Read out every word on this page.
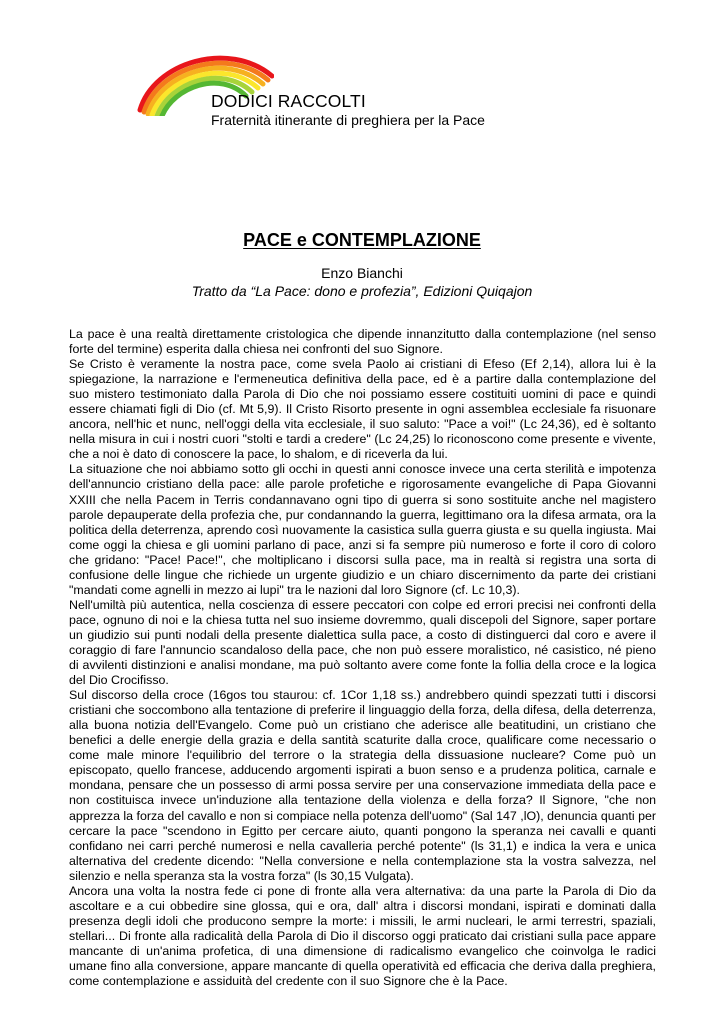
DODICI RACCOLTI
Fraternità itinerante di preghiera per la Pace
PACE e CONTEMPLAZIONE
Enzo Bianchi
Tratto da “La Pace: dono e profezia”, Edizioni Quiqajon

La pace è una realtà direttamente cristologica che dipende innanzitutto dalla contemplazione (nel senso forte del termine) esperita dalla chiesa nei confronti del suo Signore.

Se Cristo è veramente la nostra pace, come svela Paolo ai cristiani di Efeso (Ef 2,14), allora lui è la spiegazione, la narrazione e l'ermeneutica definitiva della pace, ed è a partire dalla contemplazione del suo mistero testimoniato dalla Parola di Dio che noi possiamo essere costituiti uomini di pace e quindi essere chiamati figli di Dio (cf. Mt 5,9). Il Cristo Risorto presente in ogni assemblea ecclesiale fa risuonare ancora, nell'hic et nunc, nell'oggi della vita ecclesiale, il suo saluto: "Pace a voi!" (Lc 24,36), ed è soltanto nella misura in cui i nostri cuori "stolti e tardi a credere" (Lc 24,25) lo riconoscono come presente e vivente, che a noi è dato di conoscere la pace, lo shalom, e di riceverla da lui.

La situazione che noi abbiamo sotto gli occhi in questi anni conosce invece una certa sterilità e impotenza dell'annuncio cristiano della pace: alle parole profetiche e rigorosamente evangeliche di Papa Giovanni XXIII che nella Pacem in Terris condannavano ogni tipo di guerra si sono sostituite anche nel magistero parole depauperate della profezia che, pur condannando la guerra, legittimano ora la difesa armata, ora la politica della deterrenza, aprendo così nuovamente la casistica sulla guerra giusta e su quella ingiusta. Mai come oggi la chiesa e gli uomini parlano di pace, anzi si fa sempre più numeroso e forte il coro di coloro che gridano: "Pace! Pace!", che moltiplicano i discorsi sulla pace, ma in realtà si registra una sorta di confusione delle lingue che richiede un urgente giudizio e un chiaro discernimento da parte dei cristiani "mandati come agnelli in mezzo ai lupi" tra le nazioni dal loro Signore (cf. Lc 10,3).

Nell'umiltà più autentica, nella coscienza di essere peccatori con colpe ed errori precisi nei confronti della pace, ognuno di noi e la chiesa tutta nel suo insieme dovremmo, quali discepoli del Signore, saper portare un giudizio sui punti nodali della presente dialettica sulla pace, a costo di distinguerci dal coro e avere il coraggio di fare l'annuncio scandaloso della pace, che non può essere moralistico, né casistico, né pieno di avvilenti distinzioni e analisi mondane, ma può soltanto avere come fonte la follia della croce e la logica del Dio Crocifisso.

Sul discorso della croce (16gos tou staurou: cf. 1Cor 1,18 ss.) andrebbero quindi spezzati tutti i discorsi cristiani che soccombono alla tentazione di preferire il linguaggio della forza, della difesa, della deterrenza, alla buona notizia dell'Evangelo. Come può un cristiano che aderisce alle beatitudini, un cristiano che benefici a delle energie della grazia e della santità scaturite dalla croce, qualificare come necessario o come male minore l'equilibrio del terrore o la strategia della dissuasione nucleare? Come può un episcopato, quello francese, adducendo argomenti ispirati a buon senso e a prudenza politica, carnale e mondana, pensare che un possesso di armi possa servire per una conservazione immediata della pace e non costituisca invece un'induzione alla tentazione della violenza e della forza? Il Signore, "che non apprezza la forza del cavallo e non si compiace nella potenza dell'uomo" (Sal 147 ,lO), denuncia quanti per cercare la pace "scendono in Egitto per cercare aiuto, quanti pongono la speranza nei cavalli e quanti confidano nei carri perché numerosi e nella cavalleria perché potente" (ls 31,1) e indica la vera e unica alternativa del credente dicendo: "Nella conversione e nella contemplazione sta la vostra salvezza, nel silenzio e nella speranza sta la vostra forza" (ls 30,15 Vulgata).

Ancora una volta la nostra fede ci pone di fronte alla vera alternativa: da una parte la Parola di Dio da ascoltare e a cui obbedire sine glossa, qui e ora, dall' altra i discorsi mondani, ispirati e dominati dalla presenza degli idoli che producono sempre la morte: i missili, le armi nucleari, le armi terrestri, spaziali, stellari... Di fronte alla radicalità della Parola di Dio il discorso oggi praticato dai cristiani sulla pace appare mancante di un'anima profetica, di una dimensione di radicalismo evangelico che coinvolga le radici umane fino alla conversione, appare mancante di quella operatività ed efficacia che deriva dalla preghiera, come contemplazione e assiduità del credente con il suo Signore che è la Pace.
